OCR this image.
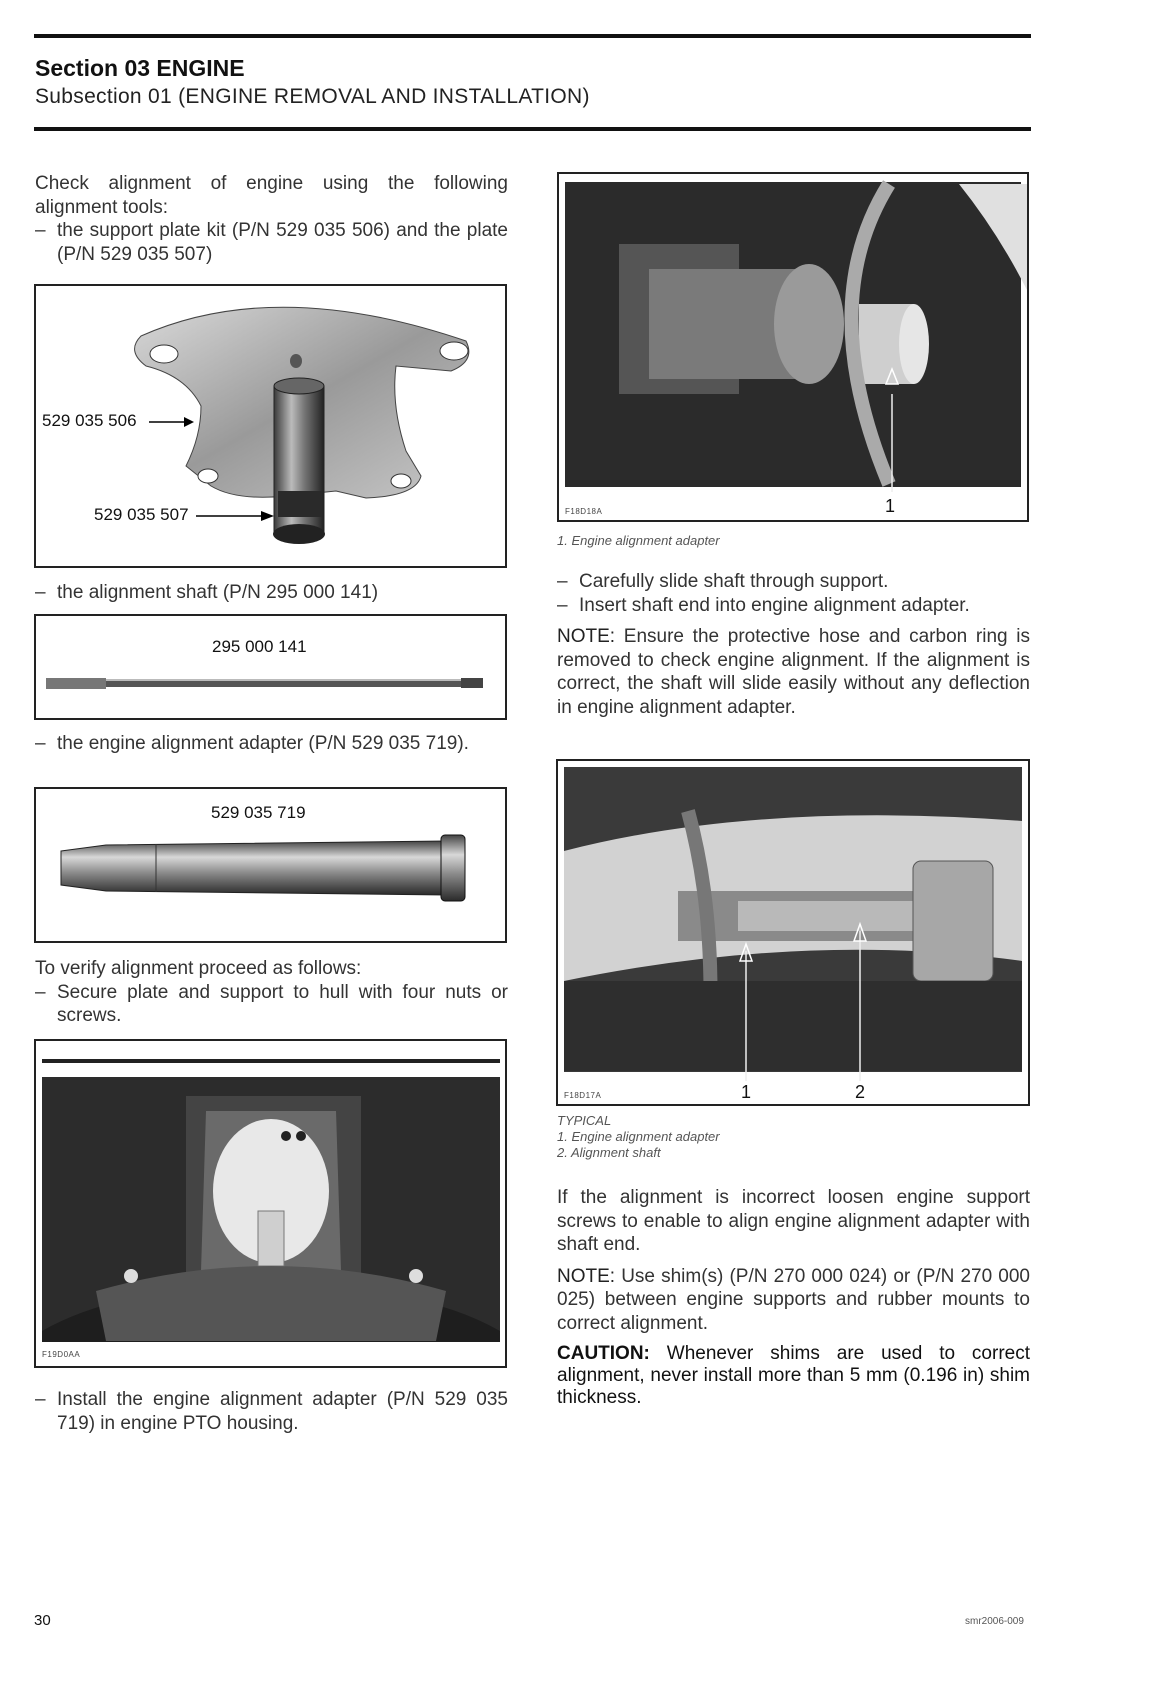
Section 03 ENGINE
Subsection 01 (ENGINE REMOVAL AND INSTALLATION)

Check alignment of engine using the following alignment tools:

– the support plate kit (P/N 529 035 506) and the plate (P/N 529 035 507)

529 035 506
529 035 507

– the alignment shaft (P/N 295 000 141)

295 000 141

– the engine alignment adapter (P/N 529 035 719).

529 035 719

To verify alignment proceed as follows:

– Secure plate and support to hull with four nuts or screws.

F19D0AA

– Install the engine alignment adapter (P/N 529 035 719) in engine PTO housing.

F18D18A	1
1. Engine alignment adapter

– Carefully slide shaft through support.

– Insert shaft end into engine alignment adapter.

NOTE: Ensure the protective hose and carbon ring is removed to check engine alignment. If the alignment is correct, the shaft will slide easily without any deflection in engine alignment adapter.

F18D17A	1	2
TYPICAL
1. Engine alignment adapter
2. Alignment shaft

If the alignment is incorrect loosen engine support screws to enable to align engine alignment adapter with shaft end.

NOTE: Use shim(s) (P/N 270 000 024) or (P/N 270 000 025) between engine supports and rubber mounts to correct alignment.

CAUTION: Whenever shims are used to correct alignment, never install more than 5 mm (0.196 in) shim thickness.

30	smr2006-009
